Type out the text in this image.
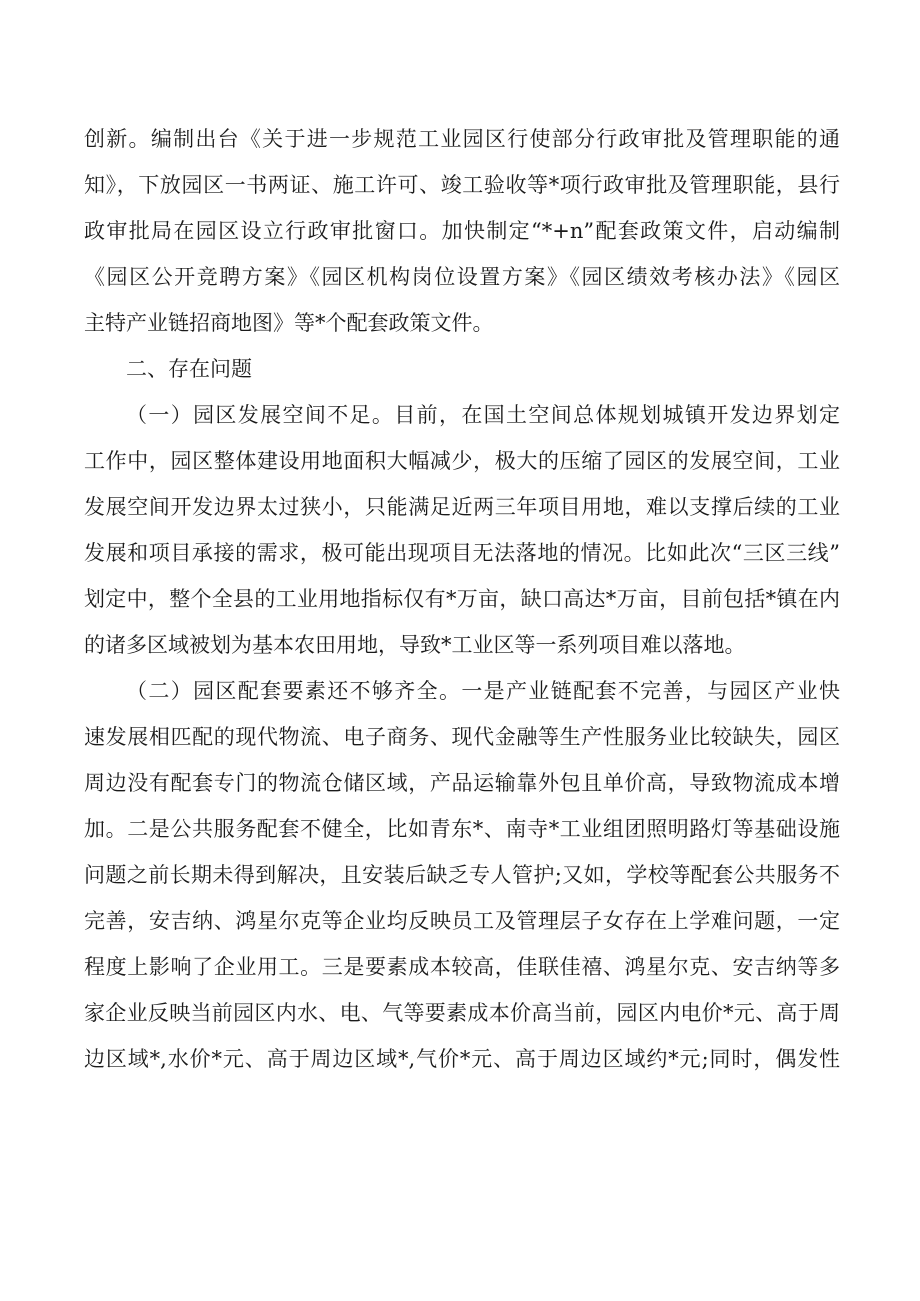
创新。编制出台《关于进一步规范工业园区行使部分行政审批及管理职能的通
知》，下放园区一书两证、施工许可、竣工验收等*项行政审批及管理职能，县行
政审批局在园区设立行政审批窗口。加快制定“*+n”配套政策文件，启动编制
《园区公开竞聘方案》《园区机构岗位设置方案》《园区绩效考核办法》《园区
主特产业链招商地图》等*个配套政策文件。
二、存在问题
（一）园区发展空间不足。目前，在国土空间总体规划城镇开发边界划定
工作中，园区整体建设用地面积大幅减少，极大的压缩了园区的发展空间，工业
发展空间开发边界太过狭小，只能满足近两三年项目用地，难以支撑后续的工业
发展和项目承接的需求，极可能出现项目无法落地的情况。比如此次“三区三线”
划定中，整个全县的工业用地指标仅有*万亩，缺口高达*万亩，目前包括*镇在内
的诸多区域被划为基本农田用地，导致*工业区等一系列项目难以落地。
（二）园区配套要素还不够齐全。一是产业链配套不完善，与园区产业快
速发展相匹配的现代物流、电子商务、现代金融等生产性服务业比较缺失，园区
周边没有配套专门的物流仓储区域，产品运输靠外包且单价高，导致物流成本增
加。二是公共服务配套不健全，比如青东*、南寺*工业组团照明路灯等基础设施
问题之前长期未得到解决，且安装后缺乏专人管护;又如，学校等配套公共服务不
完善，安吉纳、鸿星尔克等企业均反映员工及管理层子女存在上学难问题，一定
程度上影响了企业用工。三是要素成本较高，佳联佳禧、鸿星尔克、安吉纳等多
家企业反映当前园区内水、电、气等要素成本价高当前，园区内电价*元、高于周
边区域*,水价*元、高于周边区域*,气价*元、高于周边区域约*元;同时，偶发性
